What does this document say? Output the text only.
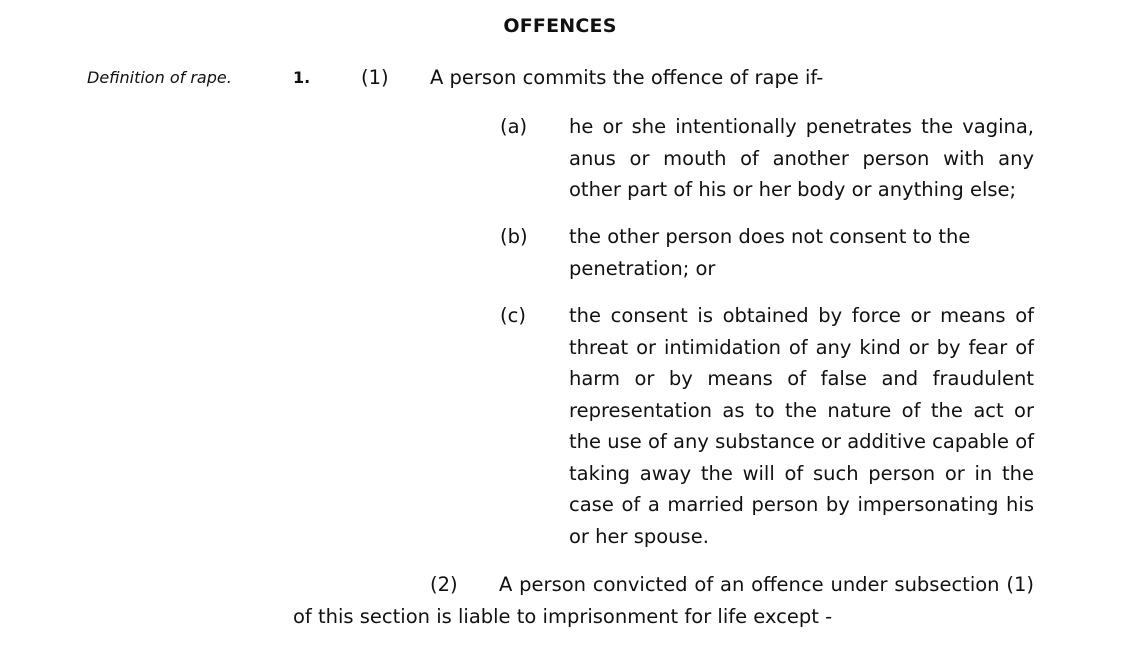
OFFENCES
Definition of rape.	1.	(1) A person commits the offence of rape if-
(a) he or she intentionally penetrates the vagina, anus or mouth of another person with any other part of his or her body or anything else;
(b) the other person does not consent to the penetration; or
(c) the consent is obtained by force or means of threat or intimidation of any kind or by fear of harm or by means of false and fraudulent representation as to the nature of the act or the use of any substance or additive capable of taking away the will of such person or in the case of a married person by impersonating his or her spouse.
(2) A person convicted of an offence under subsection (1) of this section is liable to imprisonment for life except -
